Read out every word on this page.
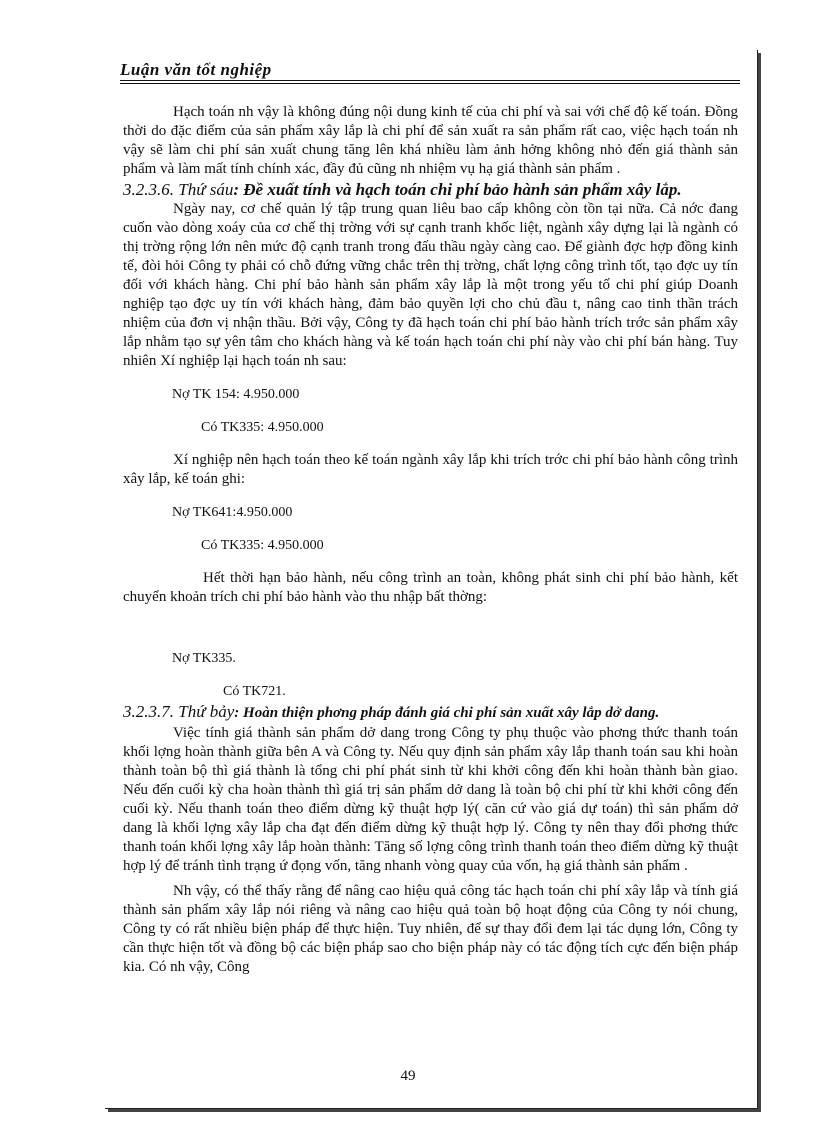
Luận văn tốt nghiệp

Hạch toán nh vậy là không đúng nội dung kinh tế của chi phí và sai với chế độ kế toán. Đồng thời do đặc điểm của sản phẩm xây lắp là chi phí để sản xuất ra sản phẩm rất cao, việc hạch toán nh vậy sẽ làm chi phí sản xuất chung tăng lên khá nhiều làm ảnh hởng không nhỏ đến giá thành sản phẩm và làm mất tính chính xác, đầy đủ cũng nh nhiệm vụ hạ giá thành sản phẩm .

3.2.3.6. Thứ sáu: Đề xuất tính và hạch toán chi phí bảo hành sản phẩm xây lắp.

Ngày nay, cơ chế quản lý tập trung quan liêu bao cấp không còn tồn tại nữa. Cả nớc đang cuốn vào dòng xoáy của cơ chế thị trờng với sự cạnh tranh khốc liệt, ngành xây dựng lại là ngành có thị trờng rộng lớn nên mức độ cạnh tranh trong đấu thầu ngày càng cao. Để giành đợc hợp đồng kinh tế, đòi hỏi Công ty phải có chỗ đứng vững chắc trên thị trờng, chất lợng công trình tốt, tạo đợc uy tín đối với khách hàng. Chi phí bảo hành sản phẩm xây lắp là một trong yếu tố chi phí giúp Doanh nghiệp tạo đợc uy tín với khách hàng, đảm bảo quyền lợi cho chủ đầu t, nâng cao tinh thần trách nhiệm của đơn vị nhận thầu. Bởi vậy, Công ty đã hạch toán chi phí bảo hành trích trớc sản phẩm xây lắp nhằm tạo sự yên tâm cho khách hàng và kế toán hạch toán chi phí này vào chi phí bán hàng. Tuy nhiên Xí nghiệp lại hạch toán nh sau:

Nợ TK 154: 4.950.000

Có TK335: 4.950.000

Xí nghiệp nên hạch toán theo kế toán ngành xây lắp khi trích trớc chi phí bảo hành công trình xây lắp, kế toán ghi:

Nợ TK641:4.950.000

Có TK335: 4.950.000

Hết thời hạn bảo hành, nếu công trình an toàn, không phát sinh chi phí bảo hành, kết chuyển khoản trích chi phí bảo hành vào thu nhập bất thờng:

Nợ TK335.

Có TK721.

3.2.3.7. Thứ bảy: Hoàn thiện phơng pháp đánh giá chi phí sản xuất xây lắp dở dang.

Việc tính giá thành sản phẩm dở dang trong Công ty phụ thuộc vào phơng thức thanh toán khối lợng hoàn thành giữa bên A và Công ty. Nếu quy định sản phẩm xây lắp thanh toán sau khi hoàn thành toàn bộ thì giá thành là tổng chi phí phát sinh từ khi khởi công đến khi hoàn thành bàn giao. Nếu đến cuối kỳ cha hoàn thành thì giá trị sản phẩm dở dang là toàn bộ chi phí từ khi khởi công đến cuối kỳ. Nếu thanh toán theo điểm dừng kỹ thuật hợp lý( căn cứ vào giá dự toán) thì sản phẩm dở dang là khối lợng xây lắp cha đạt đến điểm dừng kỹ thuật hợp lý. Công ty nên thay đổi phơng thức thanh toán khối lợng xây lắp hoàn thành: Tăng số lợng công trình thanh toán theo điểm dừng kỹ thuật hợp lý để tránh tình trạng ứ đọng vốn, tăng nhanh vòng quay của vốn, hạ giá thành sản phẩm .

Nh vậy, có thể thấy rằng để nâng cao hiệu quả công tác hạch toán chi phí xây lắp và tính giá thành sản phẩm xây lắp nói riêng và nâng cao hiệu quả toàn bộ hoạt động của Công ty nói chung, Công ty có rất nhiều biện pháp để thực hiện. Tuy nhiên, để sự thay đổi đem lại tác dụng lớn, Công ty cần thực hiện tốt và đồng bộ các biện pháp sao cho biện pháp này có tác động tích cực đến biện pháp kia. Có nh vậy, Công

49
